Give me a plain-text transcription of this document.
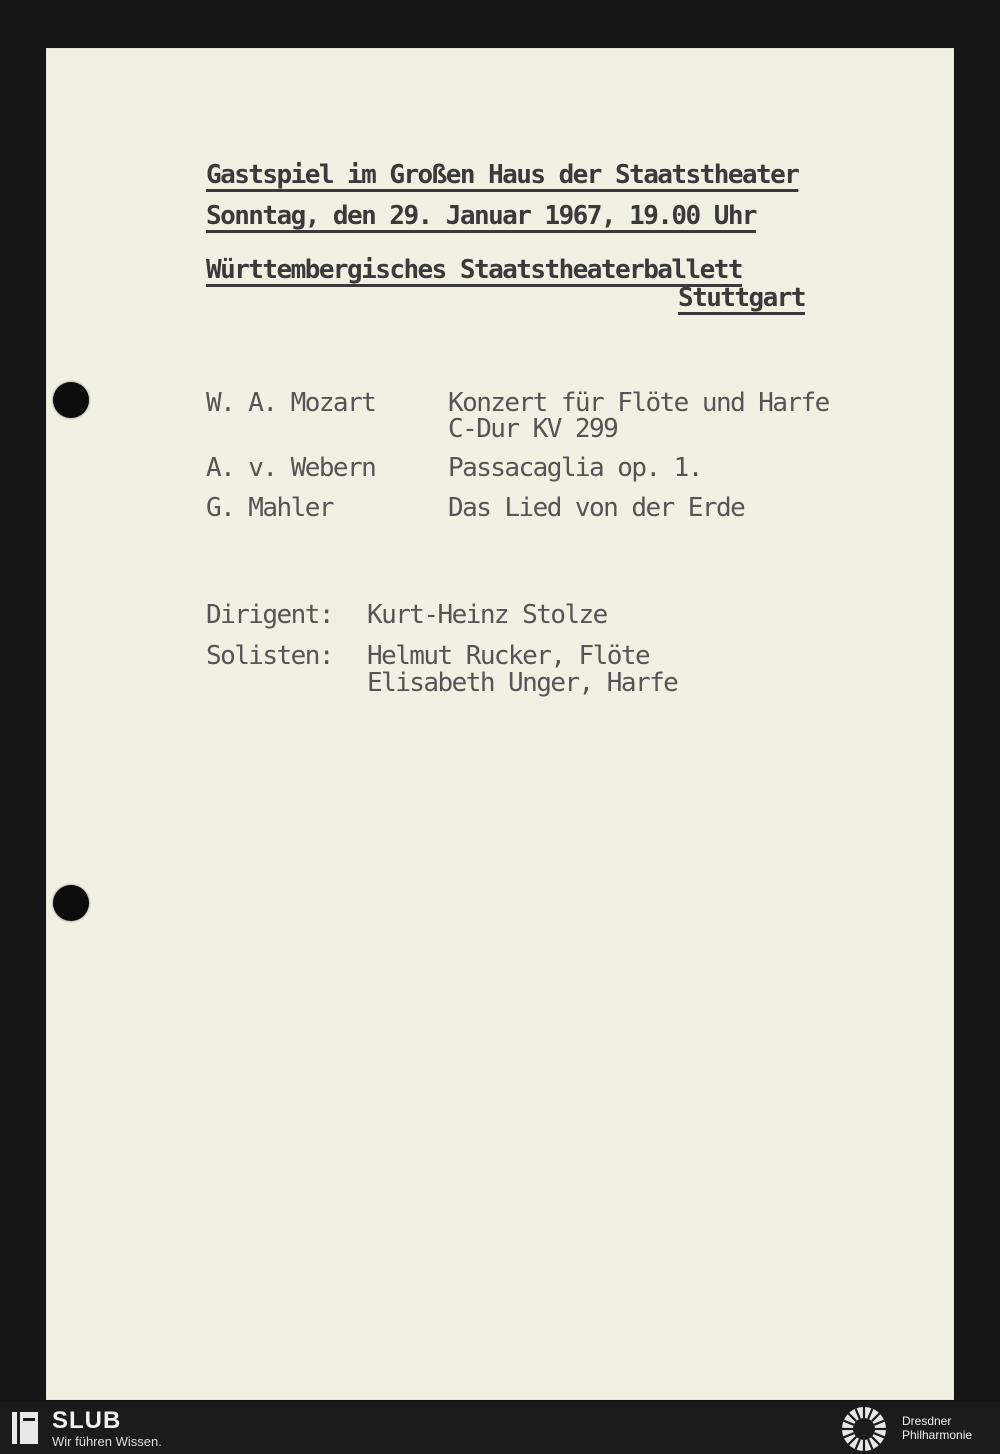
Gastspiel im Großen Haus der Staatstheater
Sonntag, den 29. Januar 1967, 19.00 Uhr
Württembergisches Staatstheaterballett
Stuttgart
W. A. Mozart	Konzert für Flöte und Harfe
C-Dur KV 299
A. v. Webern	Passacaglia op. 1.
G. Mahler	Das Lied von der Erde
Dirigent: Kurt-Heinz Stolze
Solisten: Helmut Rucker, Flöte
Elisabeth Unger, Harfe
SLUB
Wir führen Wissen.
Dresdner
Philharmonie
